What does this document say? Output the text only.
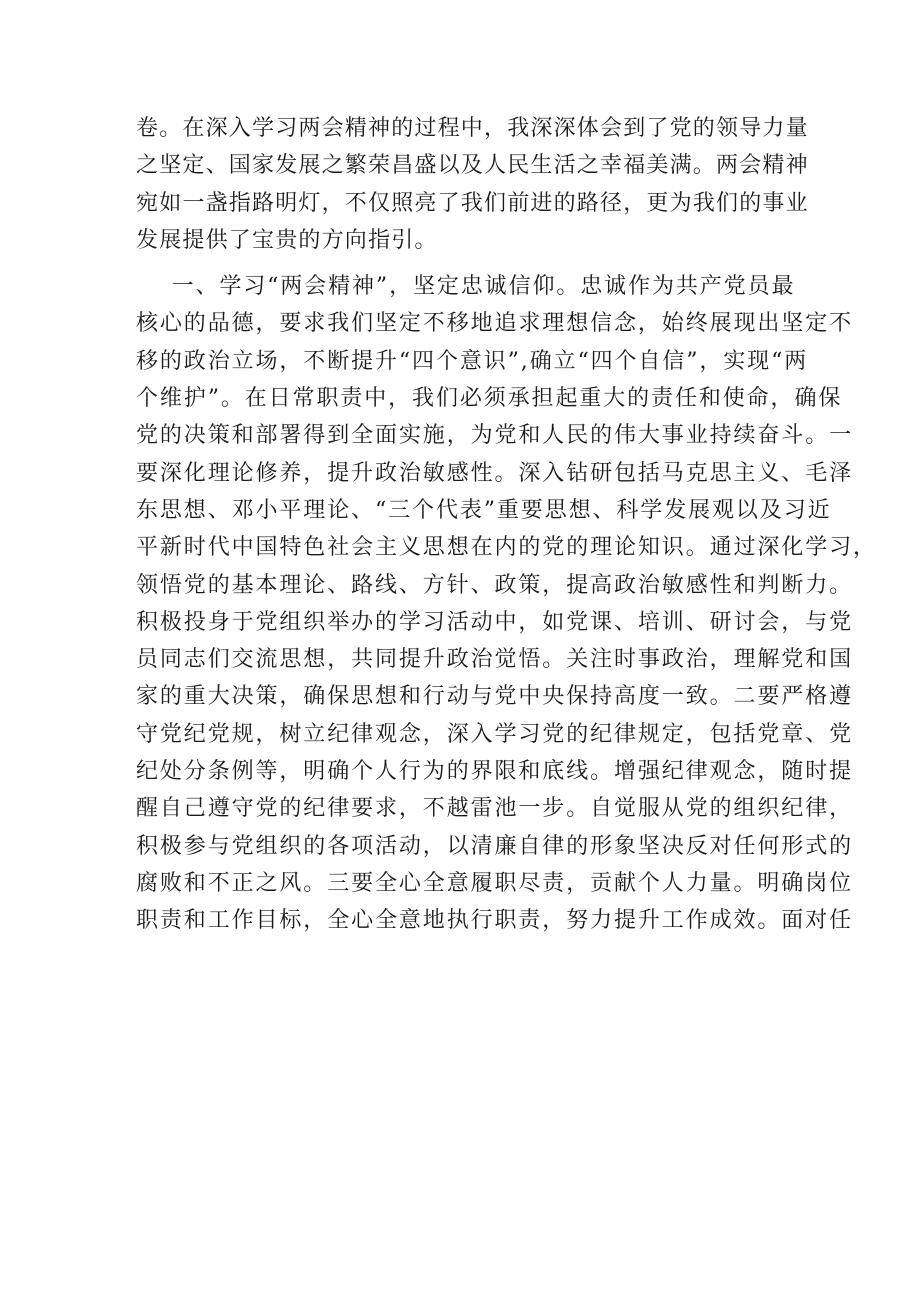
卷。在深入学习两会精神的过程中，我深深体会到了党的领导力量
之坚定、国家发展之繁荣昌盛以及人民生活之幸福美满。两会精神
宛如一盏指路明灯，不仅照亮了我们前进的路径，更为我们的事业
发展提供了宝贵的方向指引。
一、学习“两会精神”，坚定忠诚信仰。忠诚作为共产党员最
核心的品德，要求我们坚定不移地追求理想信念，始终展现出坚定不
移的政治立场，不断提升“四个意识”,确立“四个自信”，实现“两
个维护”。在日常职责中，我们必须承担起重大的责任和使命，确保
党的决策和部署得到全面实施，为党和人民的伟大事业持续奋斗。一
要深化理论修养，提升政治敏感性。深入钻研包括马克思主义、毛泽
东思想、邓小平理论、“三个代表”重要思想、科学发展观以及习近
平新时代中国特色社会主义思想在内的党的理论知识。通过深化学习，
领悟党的基本理论、路线、方针、政策，提高政治敏感性和判断力。
积极投身于党组织举办的学习活动中，如党课、培训、研讨会，与党
员同志们交流思想，共同提升政治觉悟。关注时事政治，理解党和国
家的重大决策，确保思想和行动与党中央保持高度一致。二要严格遵
守党纪党规，树立纪律观念，深入学习党的纪律规定，包括党章、党
纪处分条例等，明确个人行为的界限和底线。增强纪律观念，随时提
醒自己遵守党的纪律要求，不越雷池一步。自觉服从党的组织纪律，
积极参与党组织的各项活动，以清廉自律的形象坚决反对任何形式的
腐败和不正之风。三要全心全意履职尽责，贡献个人力量。明确岗位
职责和工作目标，全心全意地执行职责，努力提升工作成效。面对任
